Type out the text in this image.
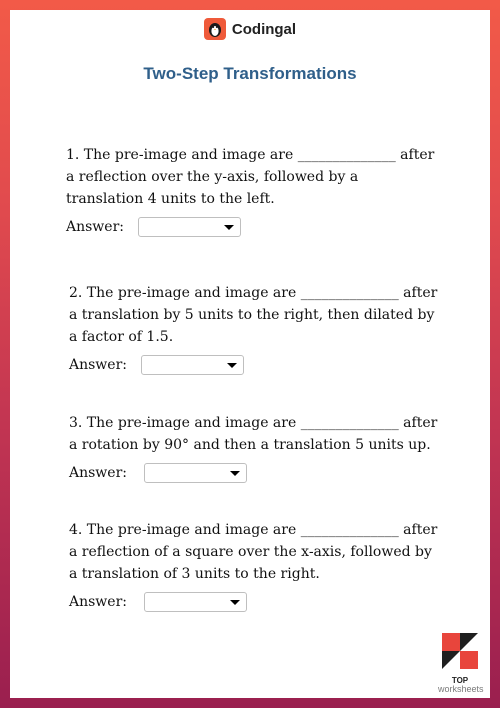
Codingal
Two-Step Transformations

1. The pre-image and image are ______________ after a reflection over the y-axis, followed by a translation 4 units to the left.

Answer:

2. The pre-image and image are ______________ after a translation by 5 units to the right, then dilated by a factor of 1.5.

Answer:

3. The pre-image and image are ______________ after a rotation by 90° and then a translation 5 units up.

Answer:

4. The pre-image and image are ______________ after a reflection of a square over the x-axis, followed by a translation of 3 units to the right.

Answer:
TOP
worksheets
